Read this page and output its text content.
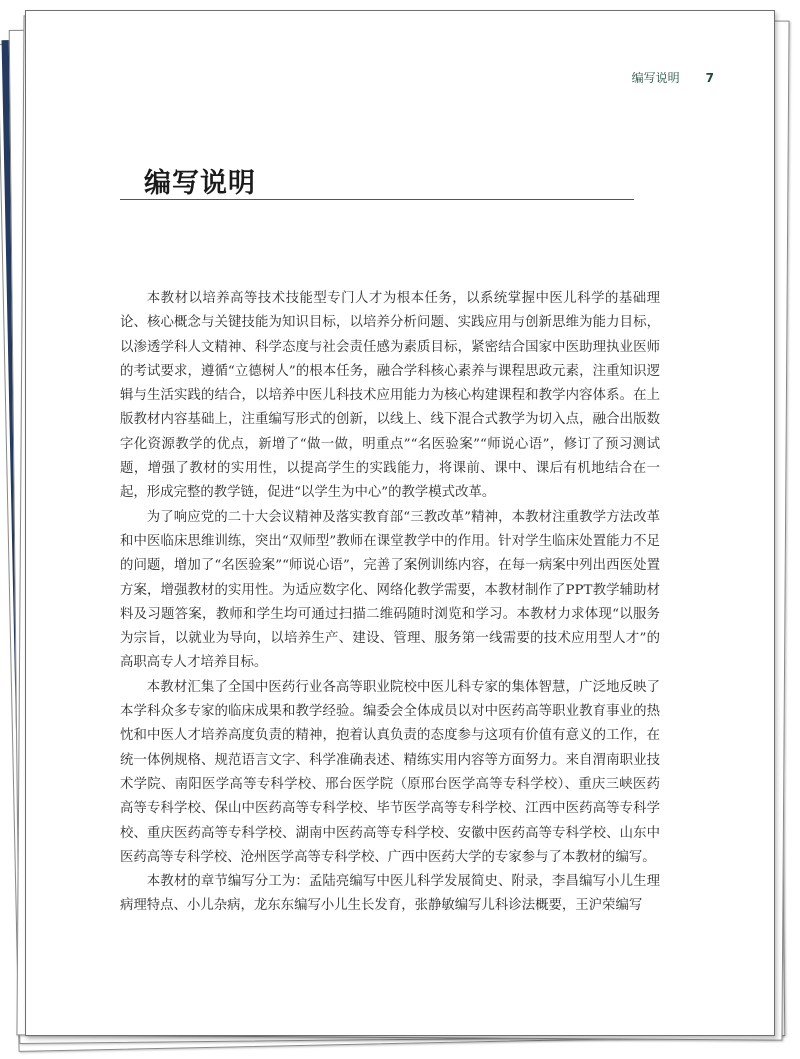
编写说明 7
编写说明

本教材以培养高等技术技能型专门人才为根本任务，以系统掌握中医儿科学的基础理论、核心概念与关键技能为知识目标，以培养分析问题、实践应用与创新思维为能力目标，以渗透学科人文精神、科学态度与社会责任感为素质目标，紧密结合国家中医助理执业医师的考试要求，遵循“立德树人”的根本任务，融合学科核心素养与课程思政元素，注重知识逻辑与生活实践的结合，以培养中医儿科技术应用能力为核心构建课程和教学内容体系。在上版教材内容基础上，注重编写形式的创新，以线上、线下混合式教学为切入点，融合出版数字化资源教学的优点，新增了“做一做，明重点”“名医验案”“师说心语”，修订了预习测试题，增强了教材的实用性，以提高学生的实践能力，将课前、课中、课后有机地结合在一起，形成完整的教学链，促进“以学生为中心”的教学模式改革。

为了响应党的二十大会议精神及落实教育部“三教改革”精神，本教材注重教学方法改革和中医临床思维训练，突出“双师型”教师在课堂教学中的作用。针对学生临床处置能力不足的问题，增加了“名医验案”“师说心语”，完善了案例训练内容，在每一病案中列出西医处置方案，增强教材的实用性。为适应数字化、网络化教学需要，本教材制作了PPT教学辅助材料及习题答案，教师和学生均可通过扫描二维码随时浏览和学习。本教材力求体现“以服务为宗旨，以就业为导向，以培养生产、建设、管理、服务第一线需要的技术应用型人才”的高职高专人才培养目标。

本教材汇集了全国中医药行业各高等职业院校中医儿科专家的集体智慧，广泛地反映了本学科众多专家的临床成果和教学经验。编委会全体成员以对中医药高等职业教育事业的热忱和中医人才培养高度负责的精神，抱着认真负责的态度参与这项有价值有意义的工作，在统一体例规格、规范语言文字、科学准确表述、精练实用内容等方面努力。来自渭南职业技术学院、南阳医学高等专科学校、邢台医学院（原邢台医学高等专科学校）、重庆三峡医药高等专科学校、保山中医药高等专科学校、毕节医学高等专科学校、江西中医药高等专科学校、重庆医药高等专科学校、湖南中医药高等专科学校、安徽中医药高等专科学校、山东中医药高等专科学校、沧州医学高等专科学校、广西中医药大学的专家参与了本教材的编写。

本教材的章节编写分工为：孟陆亮编写中医儿科学发展简史、附录，李昌编写小儿生理病理特点、小儿杂病，龙东东编写小儿生长发育，张静敏编写儿科诊法概要，王沪荣编写
